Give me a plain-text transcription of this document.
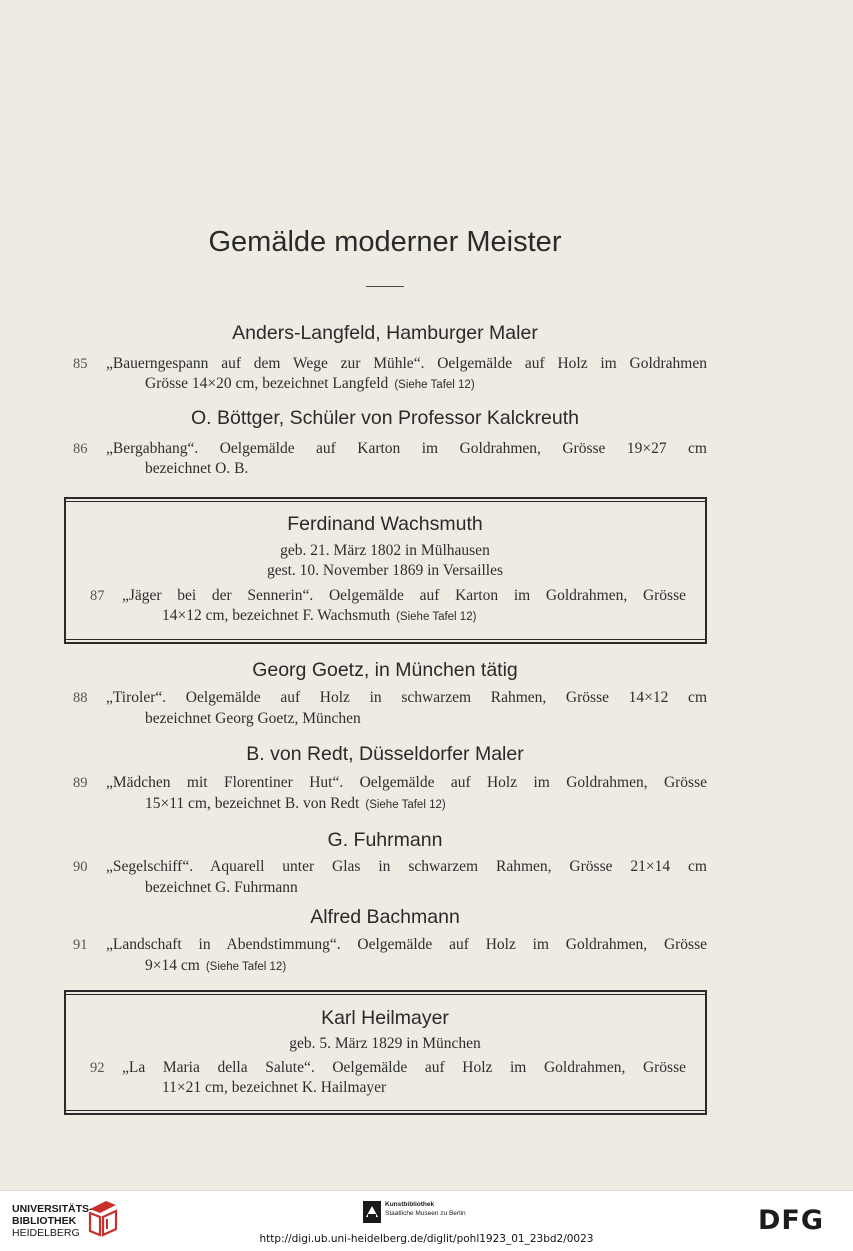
Gemälde moderner Meister
Anders-Langfeld, Hamburger Maler
85	„Bauerngespann auf dem Wege zur Mühle“. Oelgemälde auf Holz im Goldrahmen
Grösse 14×20 cm, bezeichnet Langfeld (Siehe Tafel 12)
O. Böttger, Schüler von Professor Kalckreuth
86	„Bergabhang“. Oelgemälde auf Karton im Goldrahmen, Grösse 19×27 cm
bezeichnet O. B.
Ferdinand Wachsmuth
geb. 21. März 1802 in Mülhausen
gest. 10. November 1869 in Versailles
87	„Jäger bei der Sennerin“. Oelgemälde auf Karton im Goldrahmen, Grösse
14×12 cm, bezeichnet F. Wachsmuth (Siehe Tafel 12)
Georg Goetz, in München tätig
88	„Tiroler“. Oelgemälde auf Holz in schwarzem Rahmen, Grösse 14×12 cm
bezeichnet Georg Goetz, München
B. von Redt, Düsseldorfer Maler
89	„Mädchen mit Florentiner Hut“. Oelgemälde auf Holz im Goldrahmen, Grösse
15×11 cm, bezeichnet B. von Redt (Siehe Tafel 12)
G. Fuhrmann
90	„Segelschiff“. Aquarell unter Glas in schwarzem Rahmen, Grösse 21×14 cm
bezeichnet G. Fuhrmann
Alfred Bachmann
91	„Landschaft in Abendstimmung“. Oelgemälde auf Holz im Goldrahmen, Grösse
9×14 cm (Siehe Tafel 12)
Karl Heilmayer
geb. 5. März 1829 in München
92	„La Maria della Salute“. Oelgemälde auf Holz im Goldrahmen, Grösse
11×21 cm, bezeichnet K. Hailmayer
UNIVERSITÄTS-
BIBLIOTHEK
HEIDELBERG
Kunstbibliothek
Staatliche Museen zu Berlin	DFG
http://digi.ub.uni-heidelberg.de/diglit/pohl1923_01_23bd2/0023
